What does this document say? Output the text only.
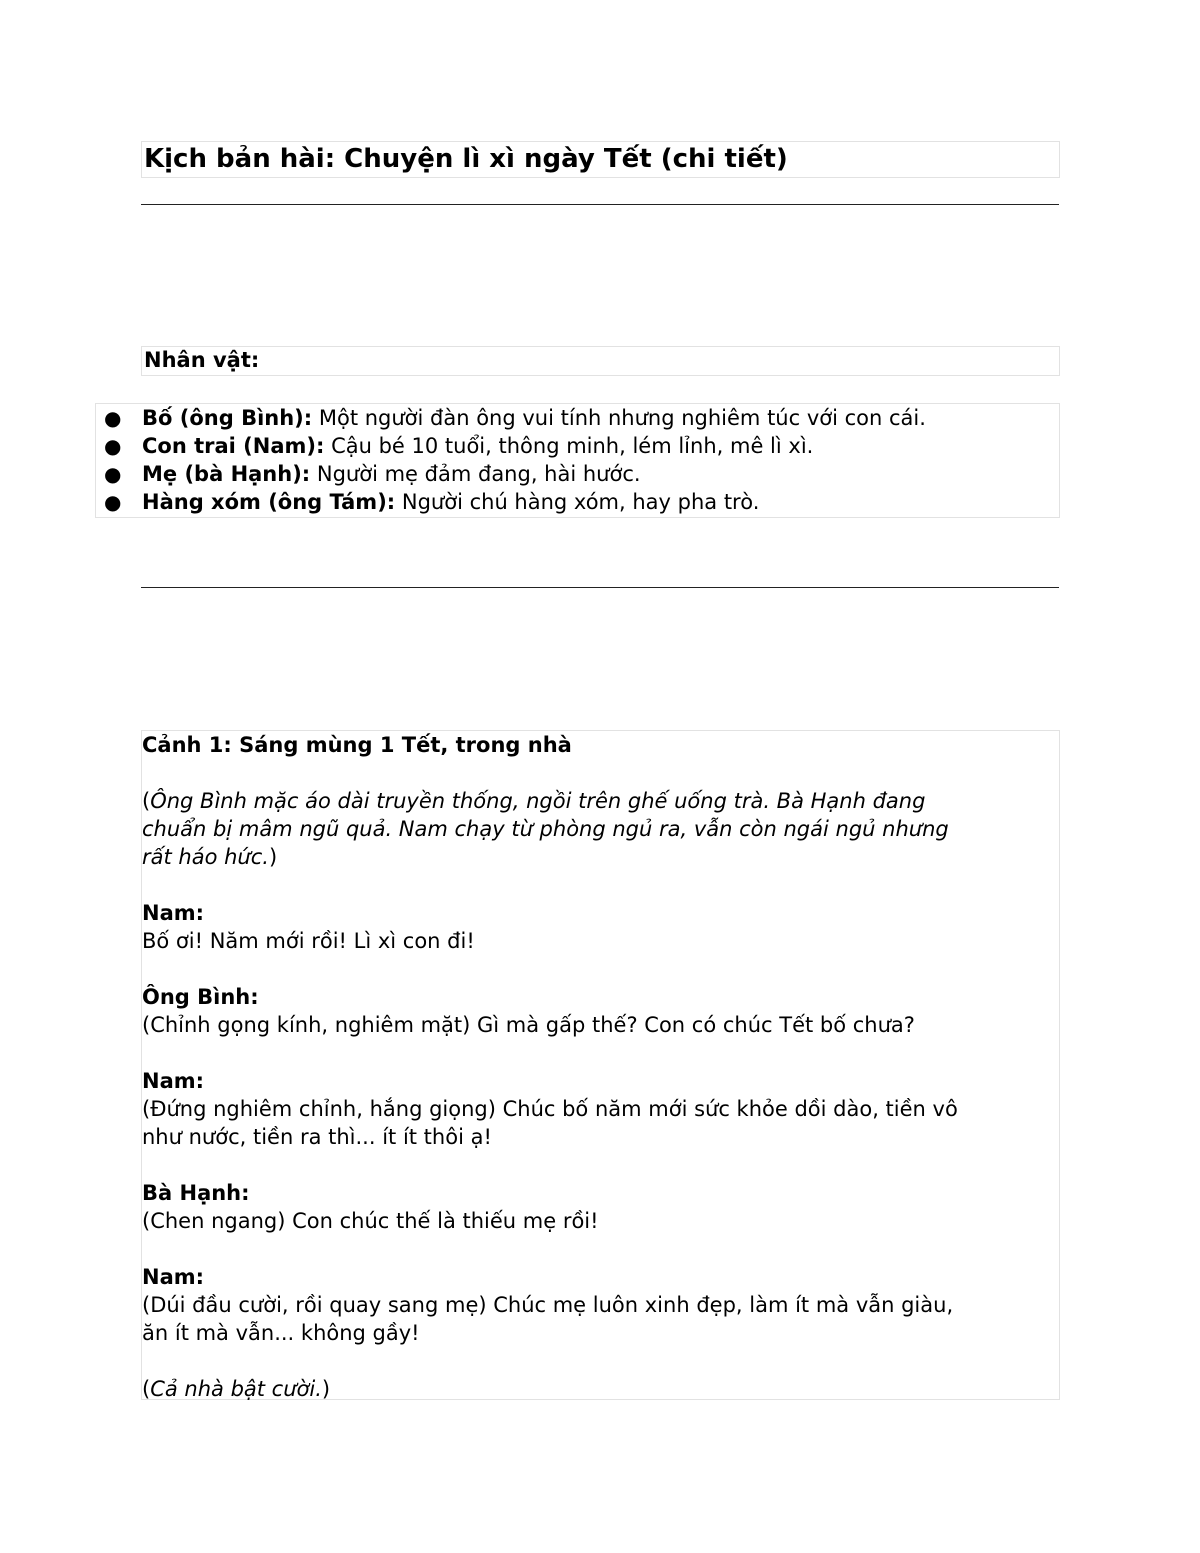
Kịch bản hài: Chuyện lì xì ngày Tết (chi tiết)
Nhân vật:
● Bố (ông Bình): Một người đàn ông vui tính nhưng nghiêm túc với con cái.
● Con trai (Nam): Cậu bé 10 tuổi, thông minh, lém lỉnh, mê lì xì.
● Mẹ (bà Hạnh): Người mẹ đảm đang, hài hước.
● Hàng xóm (ông Tám): Người chú hàng xóm, hay pha trò.

Cảnh 1: Sáng mùng 1 Tết, trong nhà

(Ông Bình mặc áo dài truyền thống, ngồi trên ghế uống trà. Bà Hạnh đang

chuẩn bị mâm ngũ quả. Nam chạy từ phòng ngủ ra, vẫn còn ngái ngủ nhưng

rất háo hức.)

Nam:

Bố ơi! Năm mới rồi! Lì xì con đi!

Ông Bình:

(Chỉnh gọng kính, nghiêm mặt) Gì mà gấp thế? Con có chúc Tết bố chưa?

Nam:

(Đứng nghiêm chỉnh, hắng giọng) Chúc bố năm mới sức khỏe dồi dào, tiền vô

như nước, tiền ra thì... ít ít thôi ạ!

Bà Hạnh:

(Chen ngang) Con chúc thế là thiếu mẹ rồi!

Nam:

(Dúi đầu cười, rồi quay sang mẹ) Chúc mẹ luôn xinh đẹp, làm ít mà vẫn giàu,

ăn ít mà vẫn... không gầy!

(Cả nhà bật cười.)
